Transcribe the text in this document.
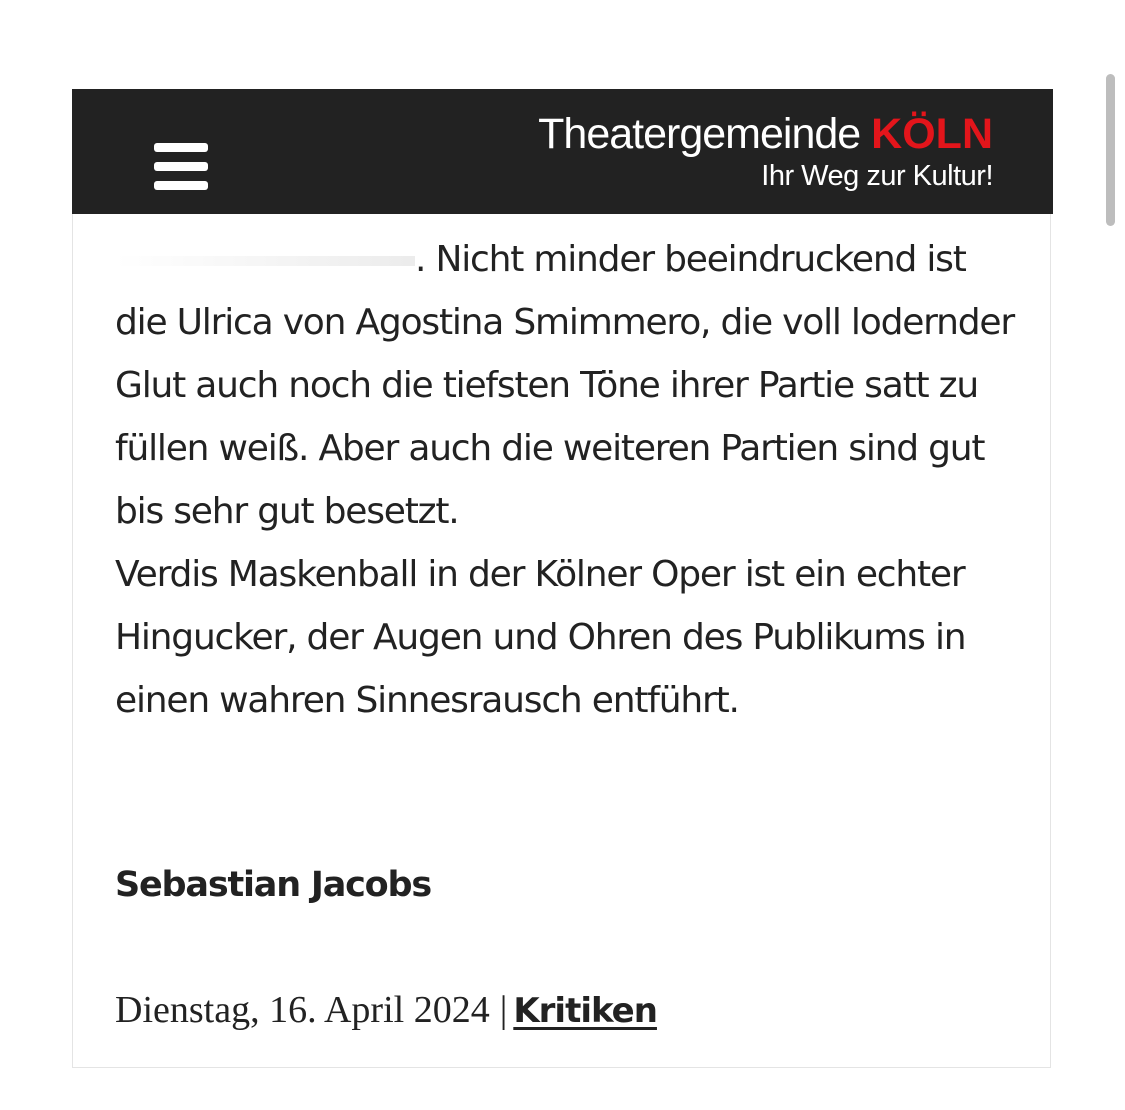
Theatergemeinde KÖLN
Ihr Weg zur Kultur!

. Nicht minder beeindruckend ist die Ulrica von Agostina Smimmero, die voll lodernder Glut auch noch die tiefsten Töne ihrer Partie satt zu füllen weiß. Aber auch die weiteren Partien sind gut bis sehr gut besetzt.

Verdis Maskenball in der Kölner Oper ist ein echter Hingucker, der Augen und Ohren des Publikums in einen wahren Sinnesrausch entführt.

Sebastian Jacobs
Dienstag, 16. April 2024 | Kritiken
